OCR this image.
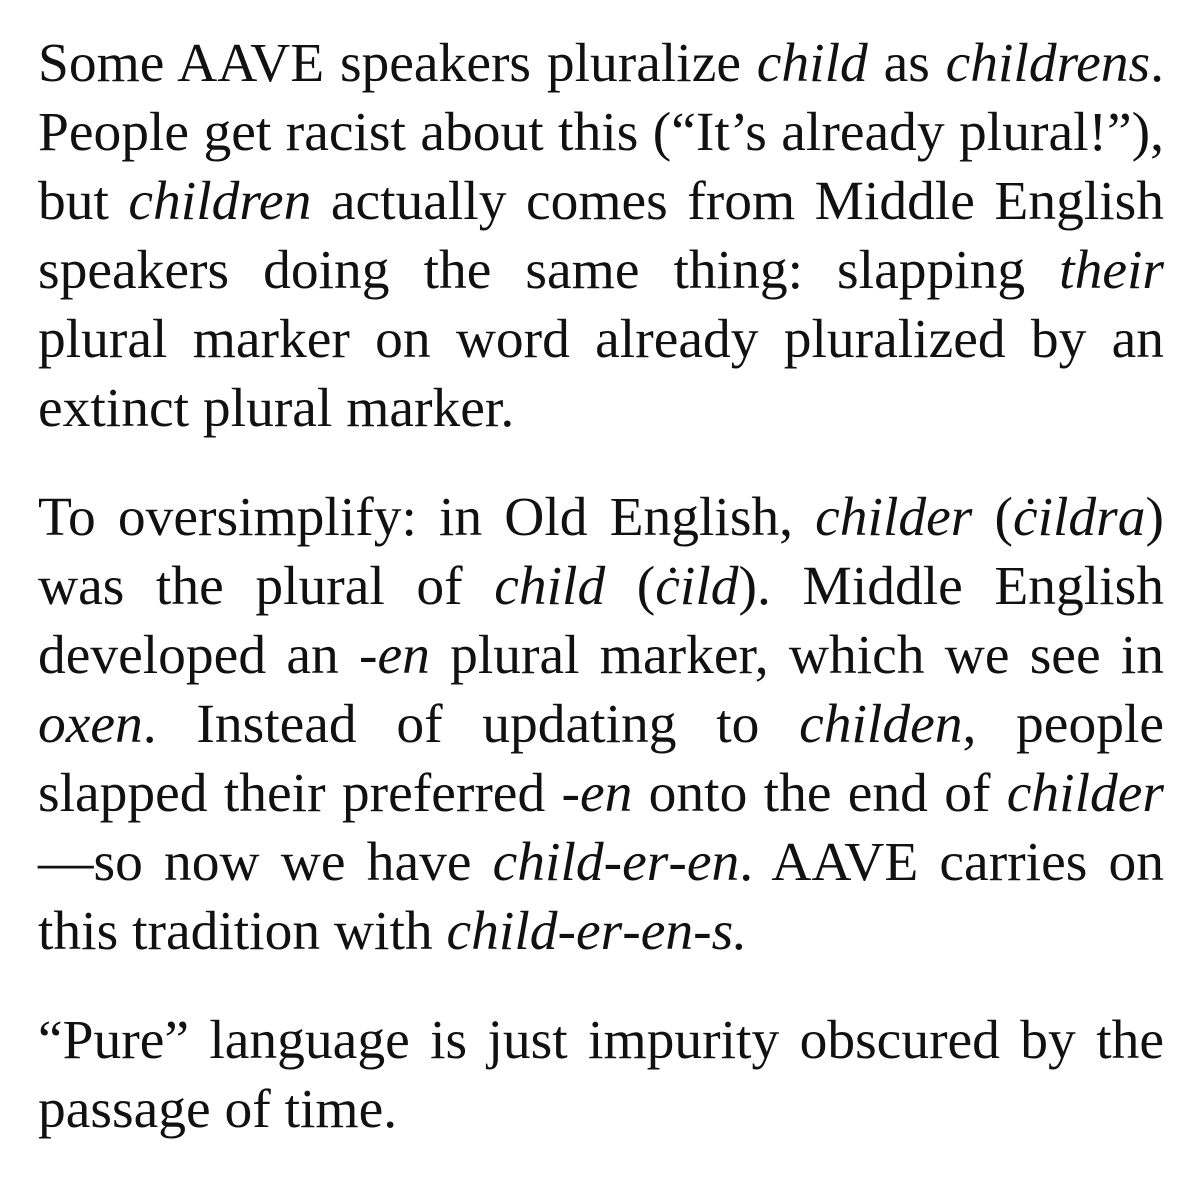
Some AAVE speakers pluralize child as childrens. People get racist about this (“It’s already plural!”), but children actually comes from Middle English speakers doing the same thing: slapping their plural marker on word already pluralized by an extinct plural marker.

To oversimplify: in Old English, childer (ċildra) was the plural of child (ċild). Middle English developed an -en plural marker, which we see in oxen. Instead of updating to childen, people slapped their preferred -en onto the end of childer—so now we have child-er-en. AAVE carries on this tradition with child-er-en-s.

“Pure” language is just impurity obscured by the passage of time.
